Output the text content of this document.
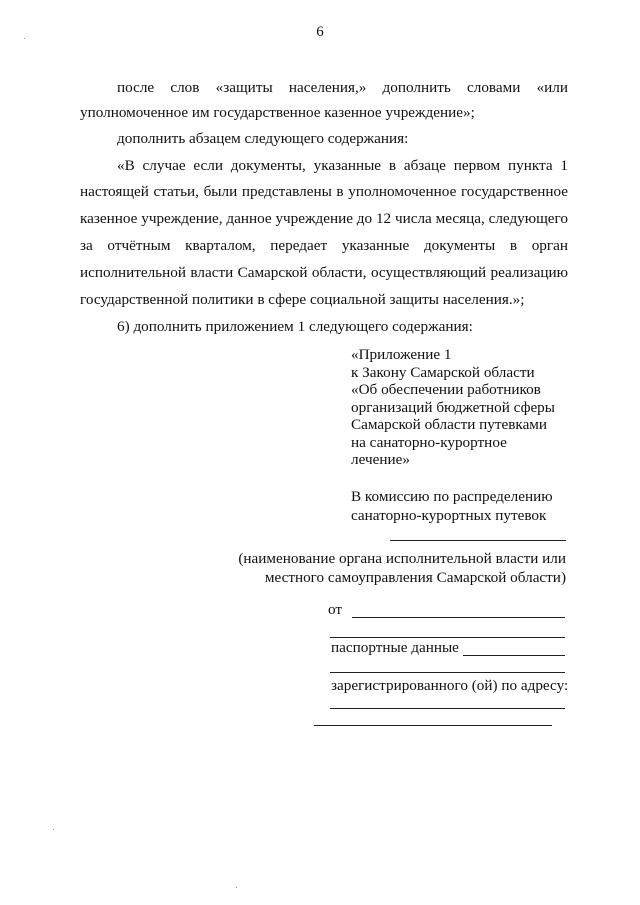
6
после слов «защиты населения,» дополнить словами «или
уполномоченное им государственное казенное учреждение»;
дополнить абзацем следующего содержания:
«В случае если документы, указанные в абзаце первом пункта 1
настоящей статьи, были представлены в уполномоченное государственное
казенное учреждение, данное учреждение до 12 числа месяца, следующего
за отчётным кварталом, передает указанные документы в орган
исполнительной власти Самарской области, осуществляющий реализацию
государственной политики в сфере социальной защиты населения.»;
6) дополнить приложением 1 следующего содержания:
«Приложение 1
к Закону Самарской области
«Об обеспечении работников
организаций бюджетной сферы
Самарской области путевками
на санаторно-курортное
лечение»
В комиссию по распределению
санаторно-курортных путевок
(наименование органа исполнительной власти или
местного самоуправления Самарской области)
от
паспортные данные
зарегистрированного (ой) по адресу:
